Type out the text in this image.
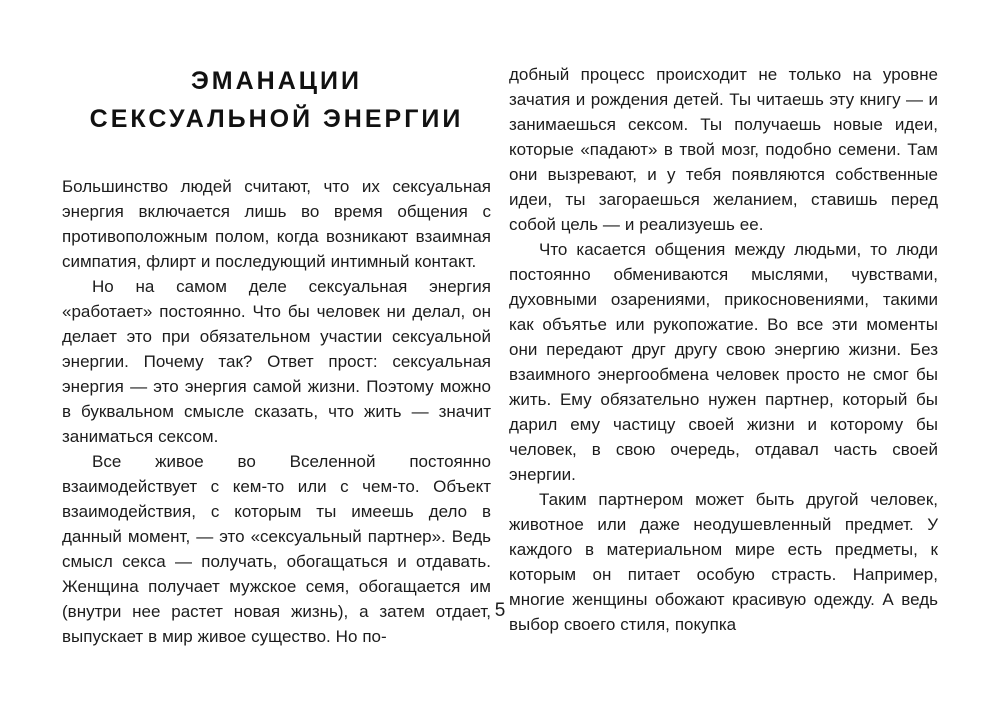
ЭМАНАЦИИ
СЕКСУАЛЬНОЙ ЭНЕРГИИ

Большинство людей считают, что их сексуальная энергия включается лишь во время общения с противоположным полом, когда возникают взаимная симпатия, флирт и последующий интимный контакт.

Но на самом деле сексуальная энергия «работает» постоянно. Что бы человек ни делал, он делает это при обязательном участии сексуальной энергии. Почему так? Ответ прост: сексуальная энергия — это энергия самой жизни. Поэтому можно в буквальном смысле сказать, что жить — значит заниматься сексом.

Все живое во Вселенной постоянно взаимодействует с кем-то или с чем-то. Объект взаимодействия, с которым ты имеешь дело в данный момент, — это «сексуальный партнер». Ведь смысл секса — получать, обогащаться и отдавать. Женщина получает мужское семя, обогащается им (внутри нее растет новая жизнь), а затем отдает, выпускает в мир живое существо. Но по-

добный процесс происходит не только на уровне зачатия и рождения детей. Ты читаешь эту книгу — и занимаешься сексом. Ты получаешь новые идеи, которые «падают» в твой мозг, подобно семени. Там они вызревают, и у тебя появляются собственные идеи, ты загораешься желанием, ставишь перед собой цель — и реализуешь ее.

Что касается общения между людьми, то люди постоянно обмениваются мыслями, чувствами, духовными озарениями, прикосновениями, такими как объятье или рукопожатие. Во все эти моменты они передают друг другу свою энергию жизни. Без взаимного энергообмена человек просто не смог бы жить. Ему обязательно нужен партнер, который бы дарил ему частицу своей жизни и которому бы человек, в свою очередь, отдавал часть своей энергии.

Таким партнером может быть другой человек, животное или даже неодушевленный предмет. У каждого в материальном мире есть предметы, к которым он питает особую страсть. Например, многие женщины обожают красивую одежду. А ведь выбор своего стиля, покупка

5
